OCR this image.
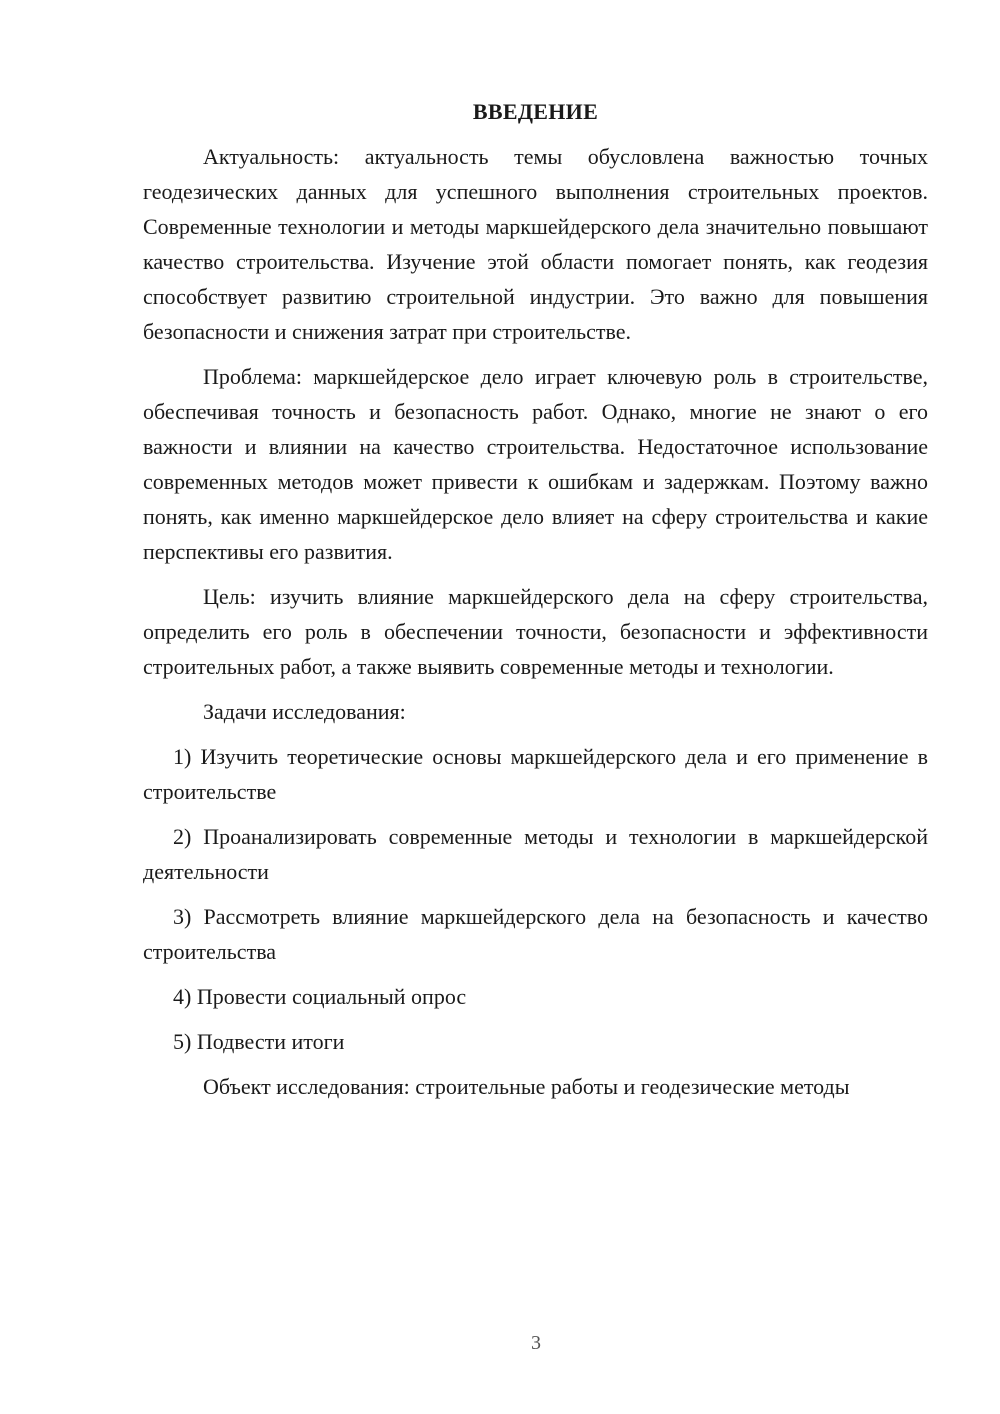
ВВЕДЕНИЕ

Актуальность: актуальность темы обусловлена важностью точных геодезических данных для успешного выполнения строительных проектов. Современные технологии и методы маркшейдерского дела значительно повышают качество строительства. Изучение этой области помогает понять, как геодезия способствует развитию строительной индустрии. Это важно для повышения безопасности и снижения затрат при строительстве.

Проблема: маркшейдерское дело играет ключевую роль в строительстве, обеспечивая точность и безопасность работ. Однако, многие не знают о его важности и влиянии на качество строительства. Недостаточное использование современных методов может привести к ошибкам и задержкам. Поэтому важно понять, как именно маркшейдерское дело влияет на сферу строительства и какие перспективы его развития.

Цель: изучить влияние маркшейдерского дела на сферу строительства, определить его роль в обеспечении точности, безопасности и эффективности строительных работ, а также выявить современные методы и технологии.

Задачи исследования:

1) Изучить теоретические основы маркшейдерского дела и его применение в строительстве

2) Проанализировать современные методы и технологии в маркшейдерской деятельности

3) Рассмотреть влияние маркшейдерского дела на безопасность и качество строительства

4) Провести социальный опрос

5) Подвести итоги

Объект исследования: строительные работы и геодезические методы

3
